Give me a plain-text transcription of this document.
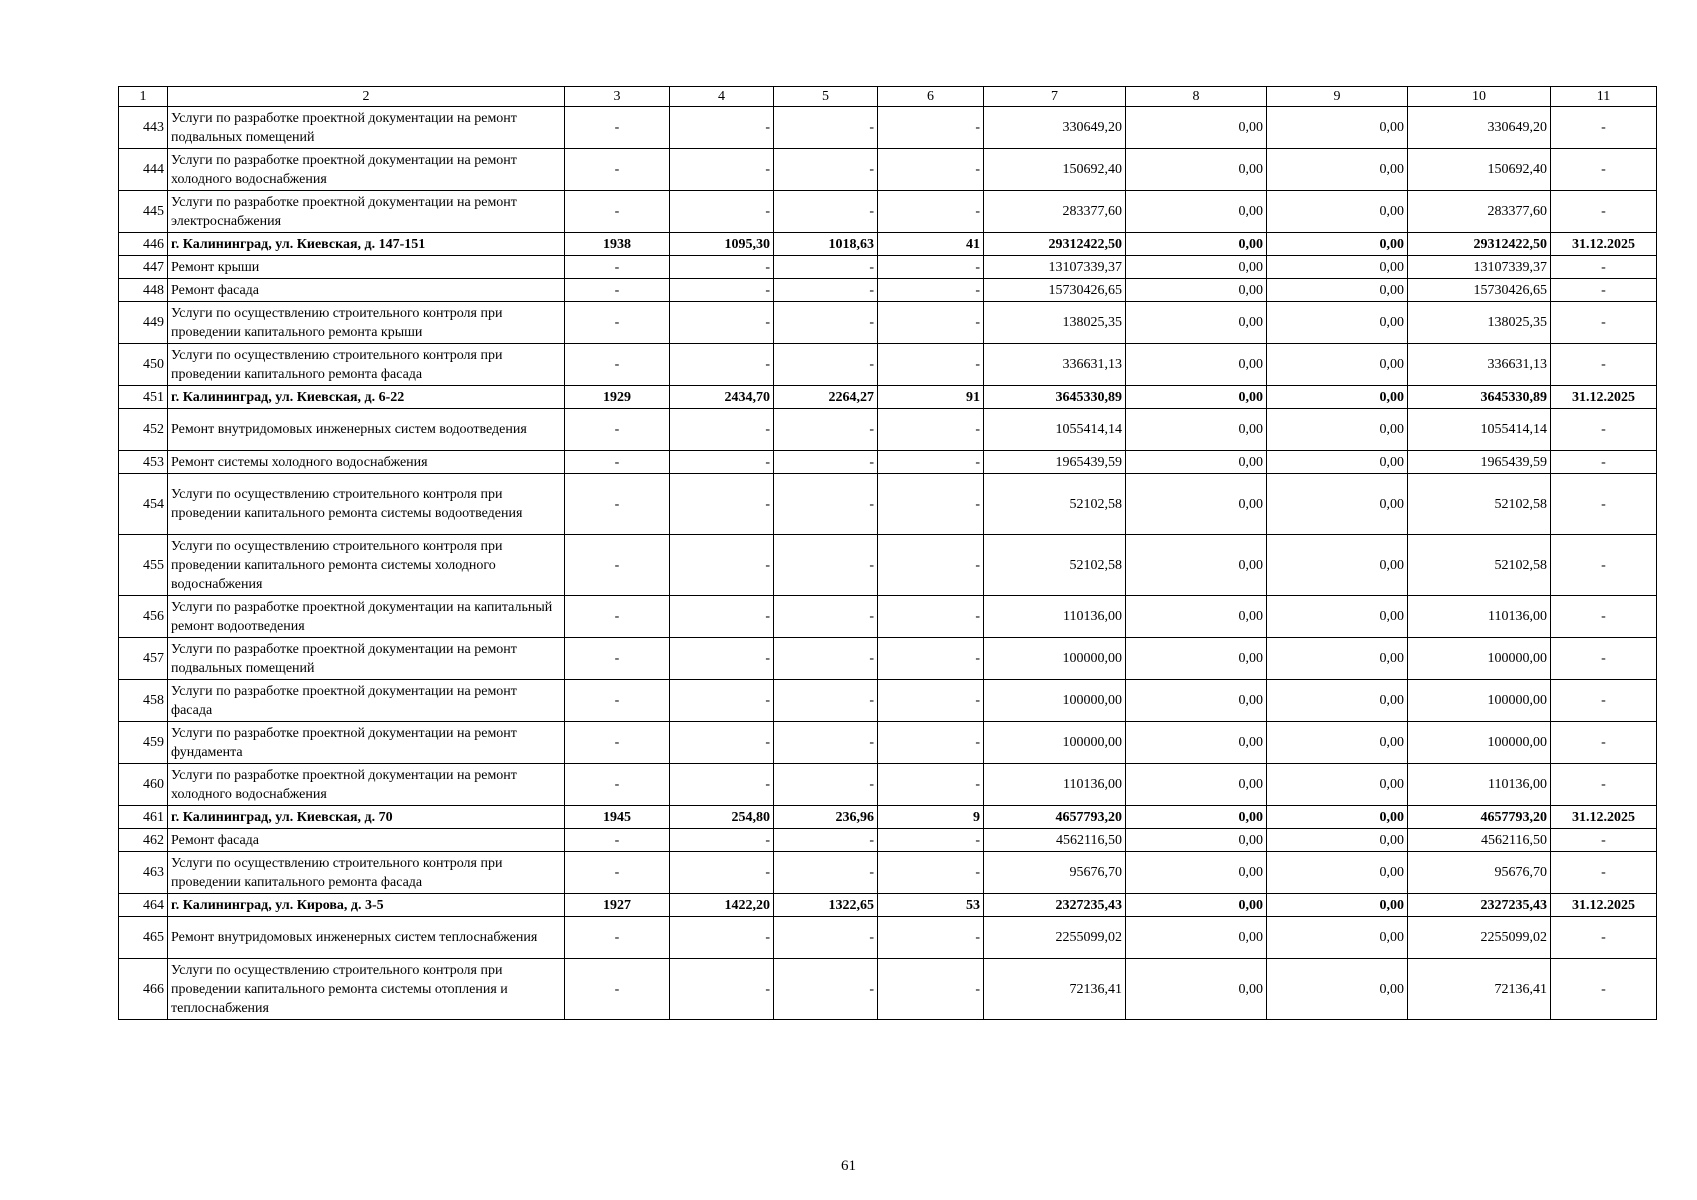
1	2	3	4	5	6	7	8	9	10	11
443	Услуги по разработке проектной документации на ремонт подвальных помещений	-	-	-	-	330649,20	0,00	0,00	330649,20	-
444	Услуги по разработке проектной документации на ремонт холодного водоснабжения	-	-	-	-	150692,40	0,00	0,00	150692,40	-
445	Услуги по разработке проектной документации на ремонт электроснабжения	-	-	-	-	283377,60	0,00	0,00	283377,60	-
446	г. Калининград, ул. Киевская, д. 147-151	1938	1095,30	1018,63	41	29312422,50	0,00	0,00	29312422,50	31.12.2025
447	Ремонт крыши	-	-	-	-	13107339,37	0,00	0,00	13107339,37	-
448	Ремонт фасада	-	-	-	-	15730426,65	0,00	0,00	15730426,65	-
449	Услуги по осуществлению строительного контроля при проведении капитального ремонта крыши	-	-	-	-	138025,35	0,00	0,00	138025,35	-
450	Услуги по осуществлению строительного контроля при проведении капитального ремонта фасада	-	-	-	-	336631,13	0,00	0,00	336631,13	-
451	г. Калининград, ул. Киевская, д. 6-22	1929	2434,70	2264,27	91	3645330,89	0,00	0,00	3645330,89	31.12.2025
452	Ремонт внутридомовых инженерных систем водоотведения	-	-	-	-	1055414,14	0,00	0,00	1055414,14	-
453	Ремонт системы холодного водоснабжения	-	-	-	-	1965439,59	0,00	0,00	1965439,59	-
454	Услуги по осуществлению строительного контроля при проведении капитального ремонта системы водоотведения	-	-	-	-	52102,58	0,00	0,00	52102,58	-
455	Услуги по осуществлению строительного контроля при проведении капитального ремонта системы холодного водоснабжения	-	-	-	-	52102,58	0,00	0,00	52102,58	-
456	Услуги по разработке проектной документации на капитальный ремонт водоотведения	-	-	-	-	110136,00	0,00	0,00	110136,00	-
457	Услуги по разработке проектной документации на ремонт подвальных помещений	-	-	-	-	100000,00	0,00	0,00	100000,00	-
458	Услуги по разработке проектной документации на ремонт фасада	-	-	-	-	100000,00	0,00	0,00	100000,00	-
459	Услуги по разработке проектной документации на ремонт фундамента	-	-	-	-	100000,00	0,00	0,00	100000,00	-
460	Услуги по разработке проектной документации на ремонт холодного водоснабжения	-	-	-	-	110136,00	0,00	0,00	110136,00	-
461	г. Калининград, ул. Киевская, д. 70	1945	254,80	236,96	9	4657793,20	0,00	0,00	4657793,20	31.12.2025
462	Ремонт фасада	-	-	-	-	4562116,50	0,00	0,00	4562116,50	-
463	Услуги по осуществлению строительного контроля при проведении капитального ремонта фасада	-	-	-	-	95676,70	0,00	0,00	95676,70	-
464	г. Калининград, ул. Кирова, д. 3-5	1927	1422,20	1322,65	53	2327235,43	0,00	0,00	2327235,43	31.12.2025
465	Ремонт внутридомовых инженерных систем теплоснабжения	-	-	-	-	2255099,02	0,00	0,00	2255099,02	-
466	Услуги по осуществлению строительного контроля при проведении капитального ремонта системы отопления и теплоснабжения	-	-	-	-	72136,41	0,00	0,00	72136,41	-
61
